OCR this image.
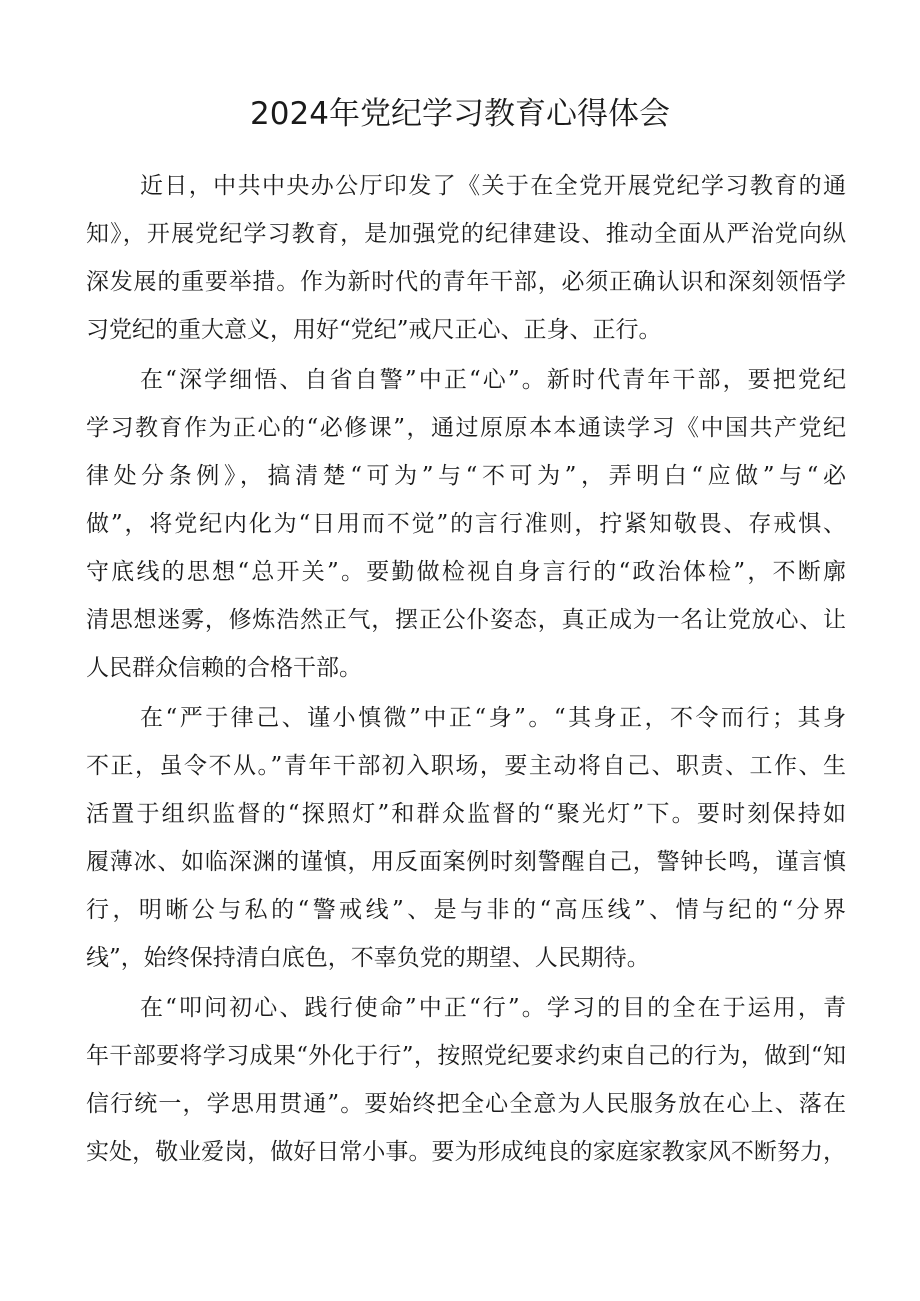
2024年党纪学习教育心得体会

近日，中共中央办公厅印发了《关于在全党开展党纪学习教育的通

知》，开展党纪学习教育，是加强党的纪律建设、推动全面从严治党向纵

深发展的重要举措。作为新时代的青年干部，必须正确认识和深刻领悟学

习党纪的重大意义，用好“党纪”戒尺正心、正身、正行。

在“深学细悟、自省自警”中正“心”。新时代青年干部，要把党纪

学习教育作为正心的“必修课”，通过原原本本通读学习《中国共产党纪

律处分条例》，搞清楚“可为”与“不可为”，弄明白“应做”与“必

做”，将党纪内化为“日用而不觉”的言行准则，拧紧知敬畏、存戒惧、

守底线的思想“总开关”。要勤做检视自身言行的“政治体检”，不断廓

清思想迷雾，修炼浩然正气，摆正公仆姿态，真正成为一名让党放心、让

人民群众信赖的合格干部。

在“严于律己、谨小慎微”中正“身”。“其身正，不令而行；其身

不正，虽令不从。”青年干部初入职场，要主动将自己、职责、工作、生

活置于组织监督的“探照灯”和群众监督的“聚光灯”下。要时刻保持如

履薄冰、如临深渊的谨慎，用反面案例时刻警醒自己，警钟长鸣，谨言慎

行，明晰公与私的“警戒线”、是与非的“高压线”、情与纪的“分界

线”，始终保持清白底色，不辜负党的期望、人民期待。

在“叩问初心、践行使命”中正“行”。学习的目的全在于运用，青

年干部要将学习成果“外化于行”，按照党纪要求约束自己的行为，做到“知

信行统一，学思用贯通”。要始终把全心全意为人民服务放在心上、落在

实处，敬业爱岗，做好日常小事。要为形成纯良的家庭家教家风不断努力，
